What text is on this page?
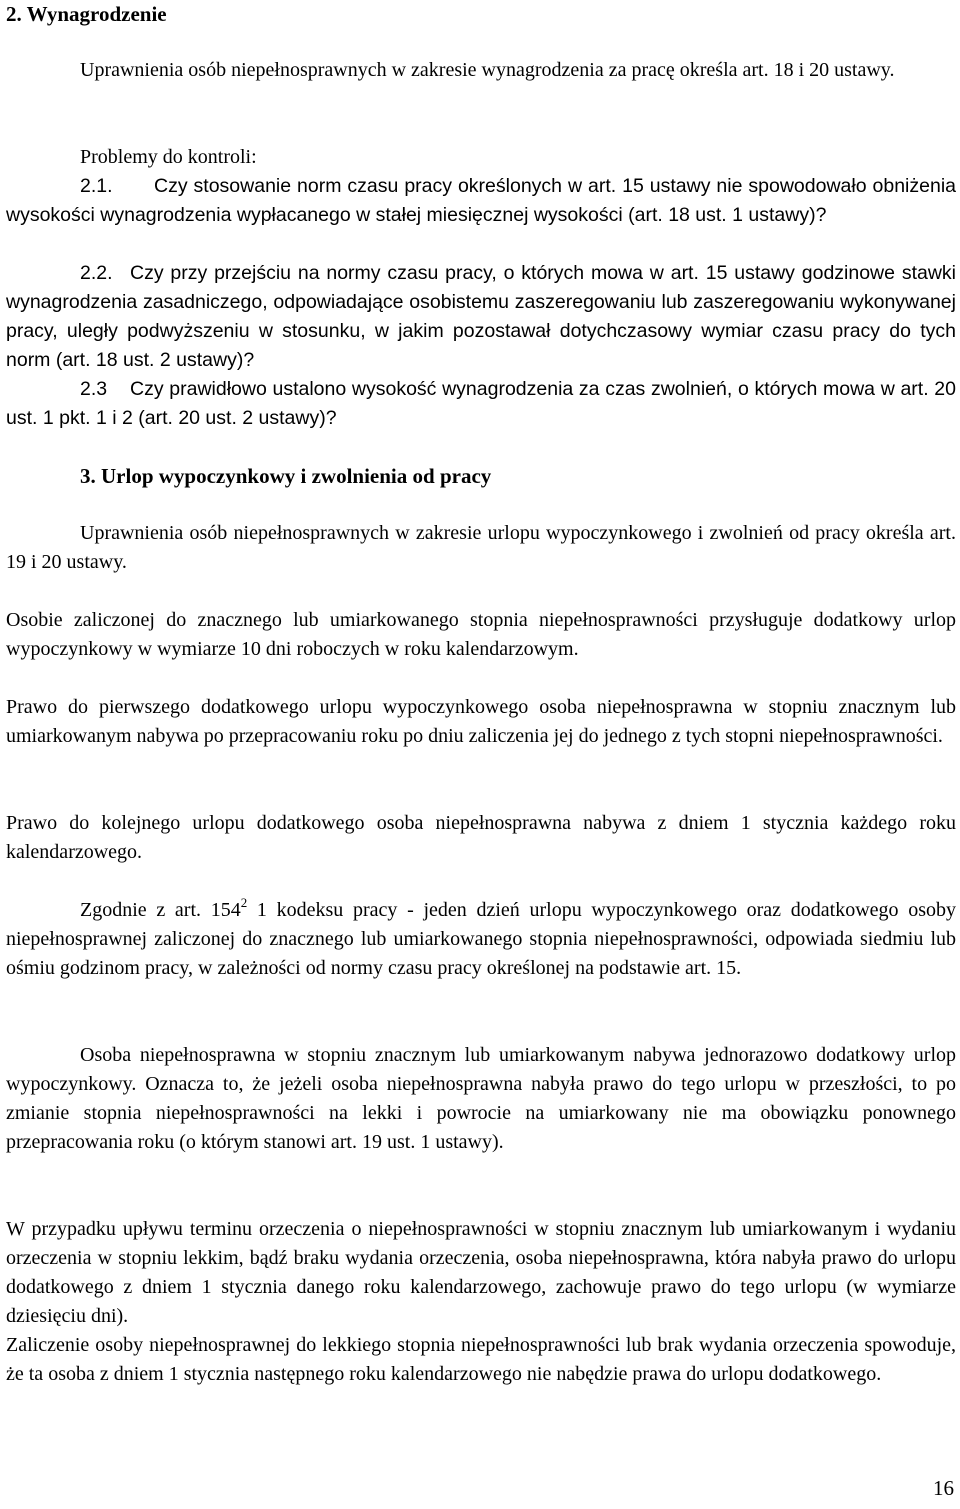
2. Wynagrodzenie

Uprawnienia osób niepełnosprawnych w zakresie wynagrodzenia za pracę określa art. 18 i 20 ustawy.

Problemy do kontroli:

2.1. Czy stosowanie norm czasu pracy określonych w art. 15 ustawy nie spowodowało obniżenia wysokości wynagrodzenia wypłacanego w stałej miesięcznej wysokości (art. 18 ust. 1 ustawy)?

2.2. Czy przy przejściu na normy czasu pracy, o których mowa w art. 15 ustawy godzinowe stawki wynagrodzenia zasadniczego, odpowiadające osobistemu zaszeregowaniu lub zaszeregowaniu wykonywanej pracy, uległy podwyższeniu w stosunku, w jakim pozostawał dotychczasowy wymiar czasu pracy do tych norm (art. 18 ust. 2 ustawy)?

2.3 Czy prawidłowo ustalono wysokość wynagrodzenia za czas zwolnień, o których mowa w art. 20 ust. 1 pkt. 1 i 2 (art. 20 ust. 2 ustawy)?

3. Urlop wypoczynkowy i zwolnienia od pracy

Uprawnienia osób niepełnosprawnych w zakresie urlopu wypoczynkowego i zwolnień od pracy określa art. 19 i 20 ustawy.

Osobie zaliczonej do znacznego lub umiarkowanego stopnia niepełnosprawności przysługuje dodatkowy urlop wypoczynkowy w wymiarze 10 dni roboczych w roku kalendarzowym.

Prawo do pierwszego dodatkowego urlopu wypoczynkowego osoba niepełnosprawna w stopniu znacznym lub umiarkowanym nabywa po przepracowaniu roku po dniu zaliczenia jej do jednego z tych stopni niepełnosprawności.

Prawo do kolejnego urlopu dodatkowego osoba niepełnosprawna nabywa z dniem 1 stycznia każdego roku kalendarzowego.

Zgodnie z art. $154^2$ 1 kodeksu pracy - jeden dzień urlopu wypoczynkowego oraz dodatkowego osoby niepełnosprawnej zaliczonej do znacznego lub umiarkowanego stopnia niepełnosprawności, odpowiada siedmiu lub ośmiu godzinom pracy, w zależności od normy czasu pracy określonej na podstawie art. 15.

Osoba niepełnosprawna w stopniu znacznym lub umiarkowanym nabywa jednorazowo dodatkowy urlop wypoczynkowy. Oznacza to, że jeżeli osoba niepełnosprawna nabyła prawo do tego urlopu w przeszłości, to po zmianie stopnia niepełnosprawności na lekki i powrocie na umiarkowany nie ma obowiązku ponownego przepracowania roku (o którym stanowi art. 19 ust. 1 ustawy).

W przypadku upływu terminu orzeczenia o niepełnosprawności w stopniu znacznym lub umiarkowanym i wydaniu orzeczenia w stopniu lekkim, bądź braku wydania orzeczenia, osoba niepełnosprawna, która nabyła prawo do urlopu dodatkowego z dniem 1 stycznia danego roku kalendarzowego, zachowuje prawo do tego urlopu (w wymiarze dziesięciu dni).

Zaliczenie osoby niepełnosprawnej do lekkiego stopnia niepełnosprawności lub brak wydania orzeczenia spowoduje, że ta osoba z dniem 1 stycznia następnego roku kalendarzowego nie nabędzie prawa do urlopu dodatkowego.

16
